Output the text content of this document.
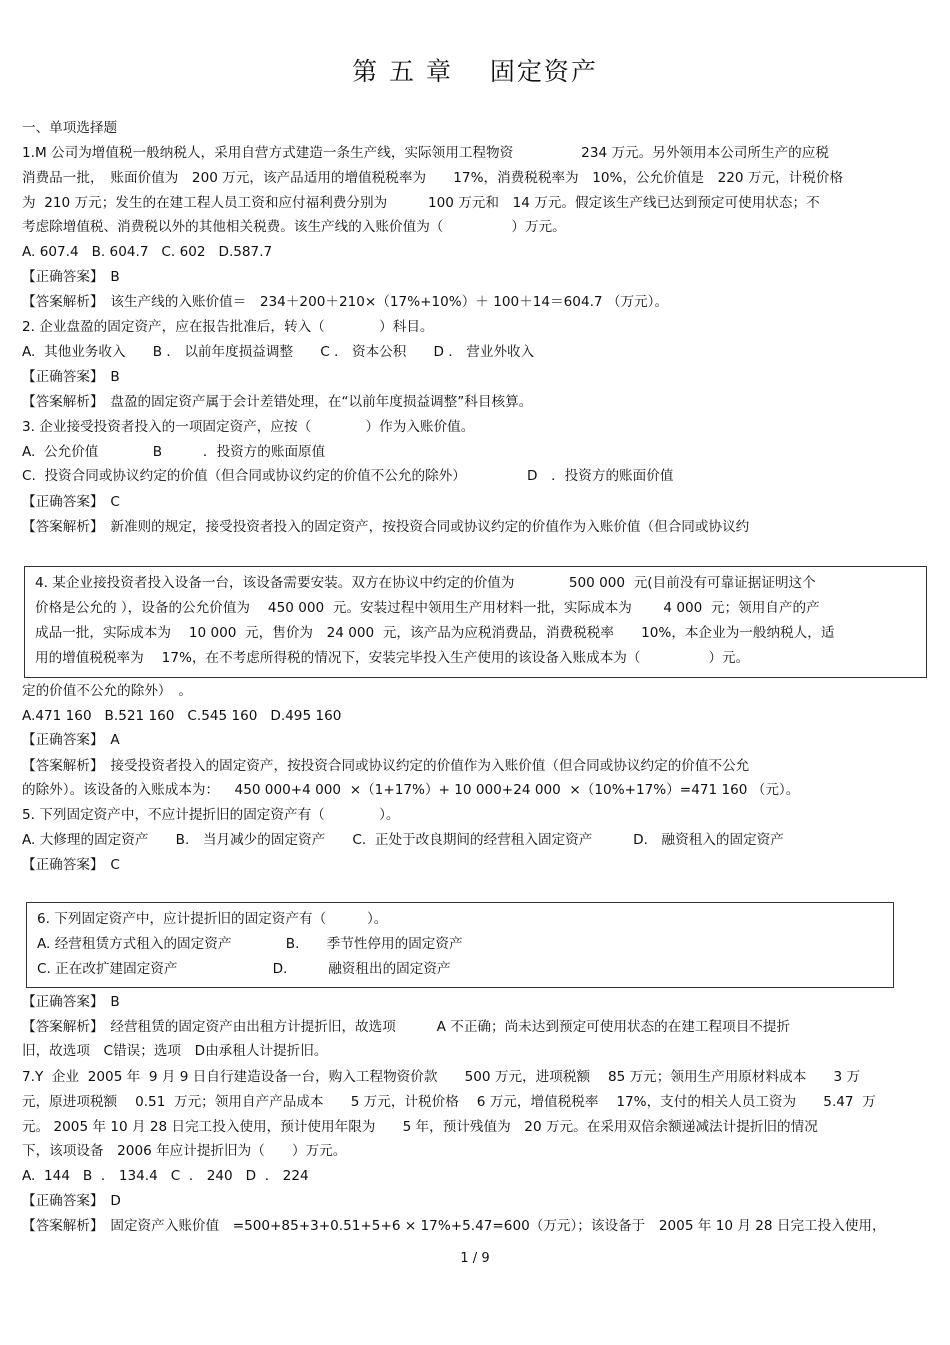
第 五 章　 固定资产
一、单项选择题
1.M 公司为增值税一般纳税人，采用自营方式建造一条生产线，实际领用工程物资　　　　　234 万元。另外领用本公司所生产的应税
消费品一批，　账面价值为　200 万元，该产品适用的增值税税率为　　17%，消费税税率为　10%，公允价值是　220 万元，计税价格
为  210 万元；发生的在建工程人员工资和应付福利费分别为　　　100 万元和　14 万元。假定该生产线已达到预定可使用状态；不
考虑除增值税、消费税以外的其他相关税费。该生产线的入账价值为（　　　　　）万元。
A. 607.4   B. 604.7   C. 602   D.587.7
【正确答案】　B
【答案解析】　该生产线的入账价值＝　234＋200＋210×（17%+10%）＋ 100＋14＝604.7 （万元）。
2. 企业盘盈的固定资产，应在报告批准后，转入（　　　　）科目。
A.  其他业务收入　　B ． 以前年度损益调整　　C ． 资本公积　　D ． 营业外收入
【正确答案】　B
【答案解析】　盘盈的固定资产属于会计差错处理，在“以前年度损益调整”科目核算。
3. 企业接受投资者投入的一项固定资产，应按（　　　　）作为入账价值。
A.  公允价值　　　　B　　　．投资方的账面原值
C.  投资合同或协议约定的价值（但合同或协议约定的价值不公允的除外）　　　　　D　．投资方的账面价值
【正确答案】　C
【答案解析】　新准则的规定，接受投资者投入的固定资产，按投资合同或协议约定的价值作为入账价值（但合同或协议约
4. 某企业接投资者投入设备一台，该设备需要安装。双方在协议中约定的价值为　　　　500 000  元(目前没有可靠证据证明这个
价格是公允的 ），设备的公允价值为　 450 000  元。安装过程中领用生产用材料一批，实际成本为　　 4 000  元；领用自产的产
成品一批，实际成本为　 10 000  元，售价为　24 000  元，该产品为应税消费品，消费税税率　　10%，本企业为一般纳税人，适
用的增值税税率为　 17%，在不考虑所得税的情况下，安装完毕投入生产使用的该设备入账成本为（　　　　　）元。
定的价值不公允的除外）　。
A.471 160   B.521 160   C.545 160   D.495 160
【正确答案】　A
【答案解析】　接受投资者投入的固定资产，按投资合同或协议约定的价值作为入账价值（但合同或协议约定的价值不公允
的除外）。该设备的入账成本为：　  450 000+4 000  ×（1+17%）+ 10 000+24 000  ×（10%+17%）=471 160 （元）。
5. 下列固定资产中，不应计提折旧的固定资产有（　　　　）。
A. 大修理的固定资产　　B.　当月减少的固定资产　　C.  正处于改良期间的经营租入固定资产　　　D.　融资租入的固定资产
【正确答案】　C
6. 下列固定资产中，应计提折旧的固定资产有（　　　）。
A. 经营租赁方式租入的固定资产　　　　B.　　季节性停用的固定资产
C. 正在改扩建固定资产　　　　　　　D.　　　融资租出的固定资产
【正确答案】　B
【答案解析】　经营租赁的固定资产由出租方计提折旧，故选项　　　A 不正确；尚未达到预定可使用状态的在建工程项目不提折
旧，故选项　C错误；选项　D由承租人计提折旧。
7.Y  企业  2005 年  9 月 9 日自行建造设备一台，购入工程物资价款　　500 万元，进项税额　 85 万元；领用生产用原材料成本　　3 万
元，原进项税额　 0.51  万元；领用自产产品成本　　5 万元，计税价格　 6 万元，增值税税率　 17%，支付的相关人员工资为　　5.47  万
元。 2005 年 10 月 28 日完工投入使用，预计使用年限为　　5 年，预计残值为　20 万元。在采用双倍余额递减法计提折旧的情况
下，该项设备　2006 年应计提折旧为（　　）万元。
A.  144   B  ． 134.4   C  ． 240   D  ． 224
【正确答案】　D
【答案解析】　固定资产入账价值　=500+85+3+0.51+5+6 × 17%+5.47=600（万元）；该设备于　2005 年 10 月 28 日完工投入使用，
1 / 9
